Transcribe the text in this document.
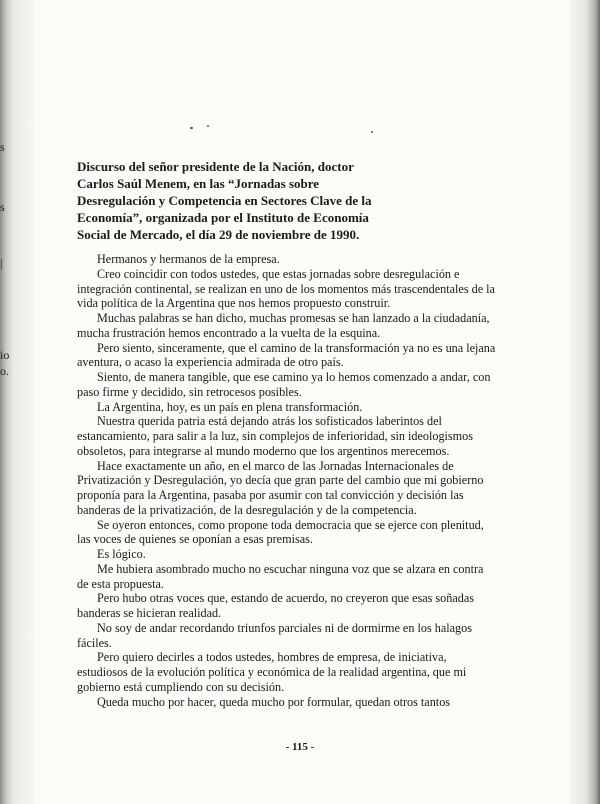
s
s
|
io
o.
Discurso del señor presidente de la Nación, doctor
Carlos Saúl Menem, en las “Jornadas sobre
Desregulación y Competencia en Sectores Clave de la
Economía”, organizada por el Instituto de Economía
Social de Mercado, el día 29 de noviembre de 1990.

Hermanos y hermanos de la empresa.

Creo coincidir con todos ustedes, que estas jornadas sobre desregulación e
integración continental, se realizan en uno de los momentos más trascendentales de la
vida política de la Argentina que nos hemos propuesto construir.

Muchas palabras se han dicho, muchas promesas se han lanzado a la ciudadanía,
mucha frustración hemos encontrado a la vuelta de la esquina.

Pero siento, sinceramente, que el camino de la transformación ya no es una lejana
aventura, o acaso la experiencia admirada de otro país.

Siento, de manera tangible, que ese camino ya lo hemos comenzado a andar, con
paso firme y decidido, sin retrocesos posibles.

La Argentina, hoy, es un país en plena transformación.

Nuestra querida patria está dejando atrás los sofisticados laberintos del
estancamiento, para salir a la luz, sin complejos de inferioridad, sin ideologismos
obsoletos, para integrarse al mundo moderno que los argentinos merecemos.

Hace exactamente un año, en el marco de las Jornadas Internacionales de
Privatización y Desregulación, yo decía que gran parte del cambio que mi gobierno
proponía para la Argentina, pasaba por asumir con tal convicción y decisión las
banderas de la privatización, de la desregulación y de la competencia.

Se oyeron entonces, como propone toda democracia que se ejerce con plenitud,
las voces de quienes se oponían a esas premisas.

Es lógico.

Me hubiera asombrado mucho no escuchar ninguna voz que se alzara en contra
de esta propuesta.

Pero hubo otras voces que, estando de acuerdo, no creyeron que esas soñadas
banderas se hicieran realidad.

No soy de andar recordando triunfos parciales ni de dormirme en los halagos
fáciles.

Pero quiero decirles a todos ustedes, hombres de empresa, de iniciativa,
estudiosos de la evolución política y económica de la realidad argentina, que mi
gobierno está cumpliendo con su decisión.

Queda mucho por hacer, queda mucho por formular, quedan otros tantos

- 115 -
